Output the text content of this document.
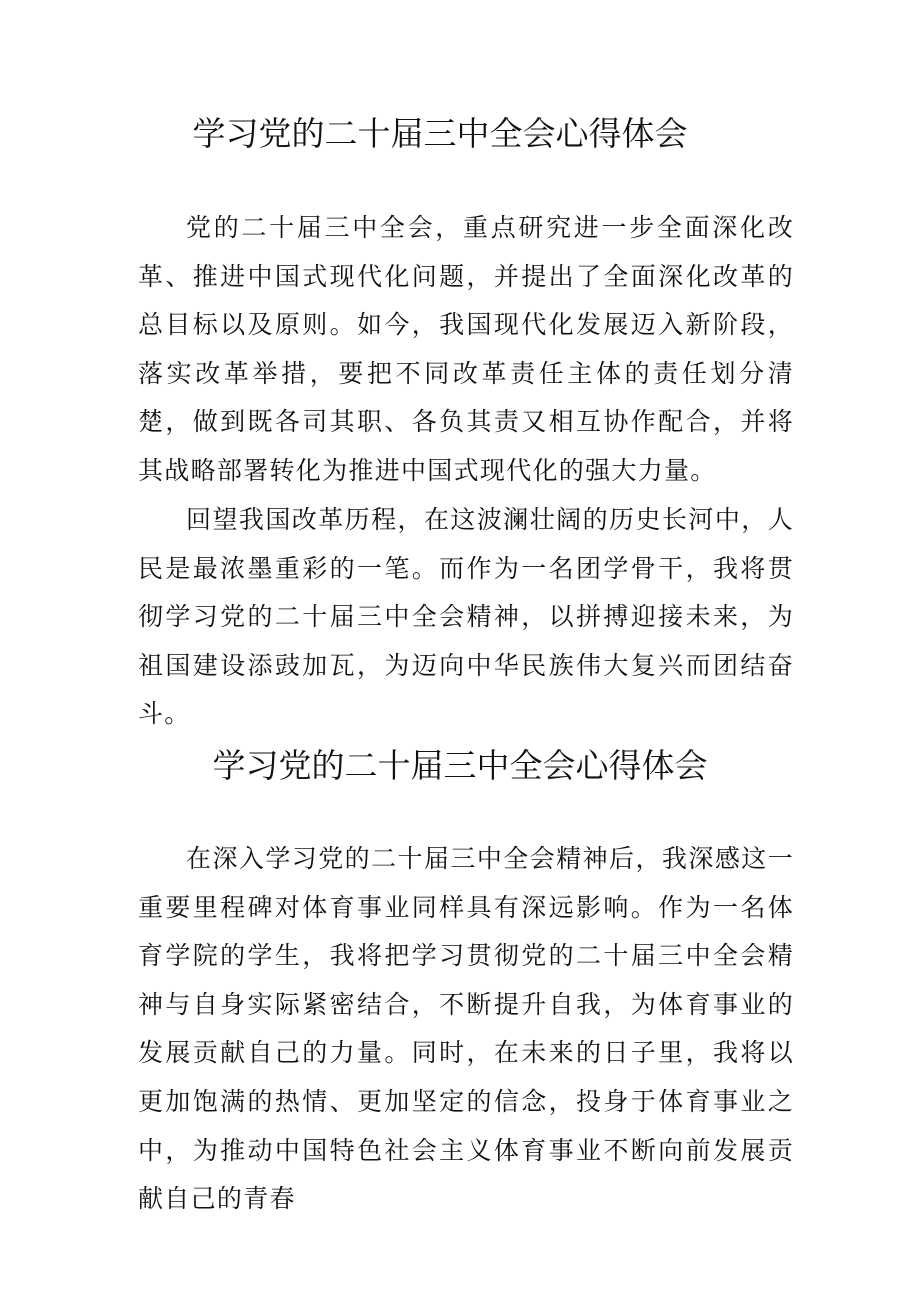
学习党的二十届三中全会心得体会

党的二十届三中全会，重点研究进一步全面深化改革、推进中国式现代化问题，并提出了全面深化改革的总目标以及原则。如今，我国现代化发展迈入新阶段，落实改革举措，要把不同改革责任主体的责任划分清楚，做到既各司其职、各负其责又相互协作配合，并将其战略部署转化为推进中国式现代化的强大力量。

回望我国改革历程，在这波澜壮阔的历史长河中，人民是最浓墨重彩的一笔。而作为一名团学骨干，我将贯彻学习党的二十届三中全会精神，以拼搏迎接未来，为祖国建设添豉加瓦，为迈向中华民族伟大复兴而团结奋斗。

学习党的二十届三中全会心得体会

在深入学习党的二十届三中全会精神后，我深感这一重要里程碑对体育事业同样具有深远影响。作为一名体育学院的学生，我将把学习贯彻党的二十届三中全会精神与自身实际紧密结合，不断提升自我，为体育事业的发展贡献自己的力量。同时，在未来的日子里，我将以更加饱满的热情、更加坚定的信念，投身于体育事业之中，为推动中国特色社会主义体育事业不断向前发展贡献自己的青春
